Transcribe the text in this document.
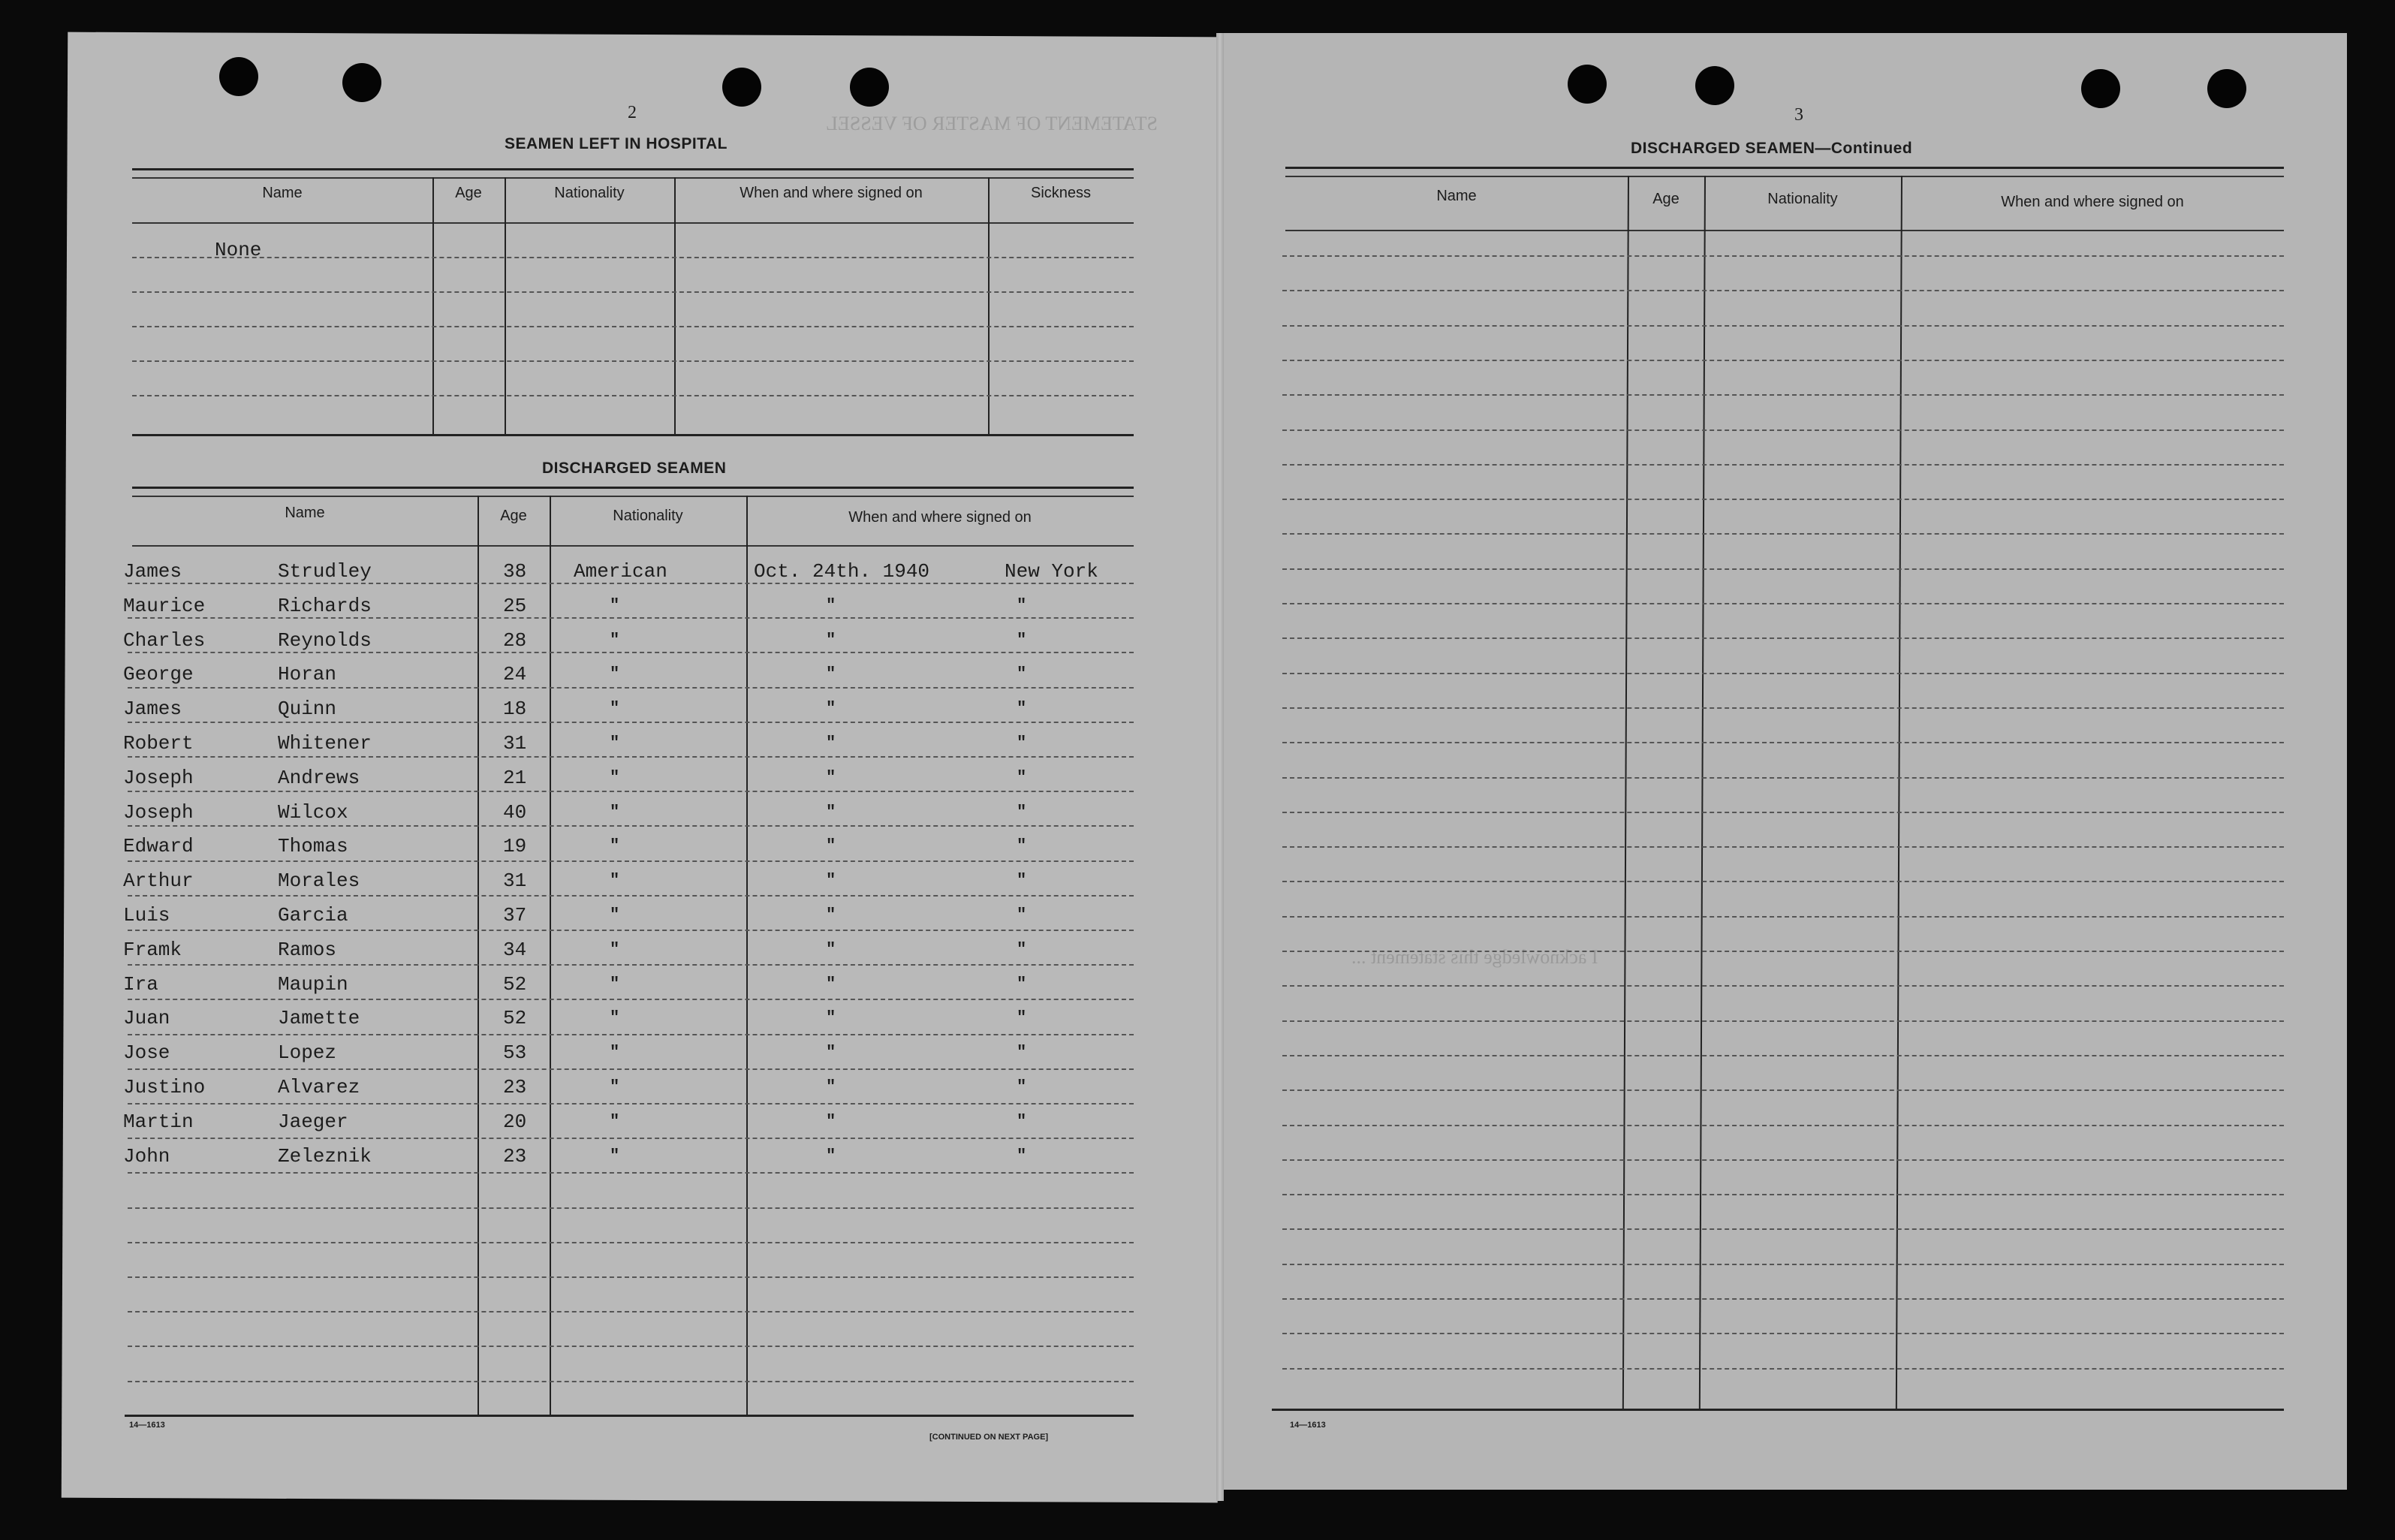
STATEMENT OF MASTER OF VESSEL
I acknowledge this statement ...
2
SEAMEN LEFT IN HOSPITAL
Name	Age	Nationality	When and where signed on	Sickness
None
DISCHARGED SEAMEN
Name	Age	Nationality	When and where signed on
James	Strudley	38 American	Oct. 24th. 1940	New York
Maurice	Richards	25	"	"	"
Charles	Reynolds	28	"	"	"
George	Horan	24	"	"	"
James	Quinn	18	"	"	"
Robert	Whitener	31	"	"	"
Joseph	Andrews	21	"	"	"
Joseph	Wilcox	40	"	"	"
Edward	Thomas	19	"	"	"
Arthur	Morales	31	"	"	"
Luis	Garcia	37	"	"	"
Framk	Ramos	34	"	"	"
Ira	Maupin	52	"	"	"
Juan	Jamette	52	"	"	"
Jose	Lopez	53	"	"	"
Justino	Alvarez	23	"	"	"
Martin	Jaeger	20	"	"	"
John	Zeleznik	23	"	"	"
14—1613
[CONTINUED ON NEXT PAGE]
3
DISCHARGED SEAMEN—Continued
Name	Age	Nationality	When and where signed on
14—1613
